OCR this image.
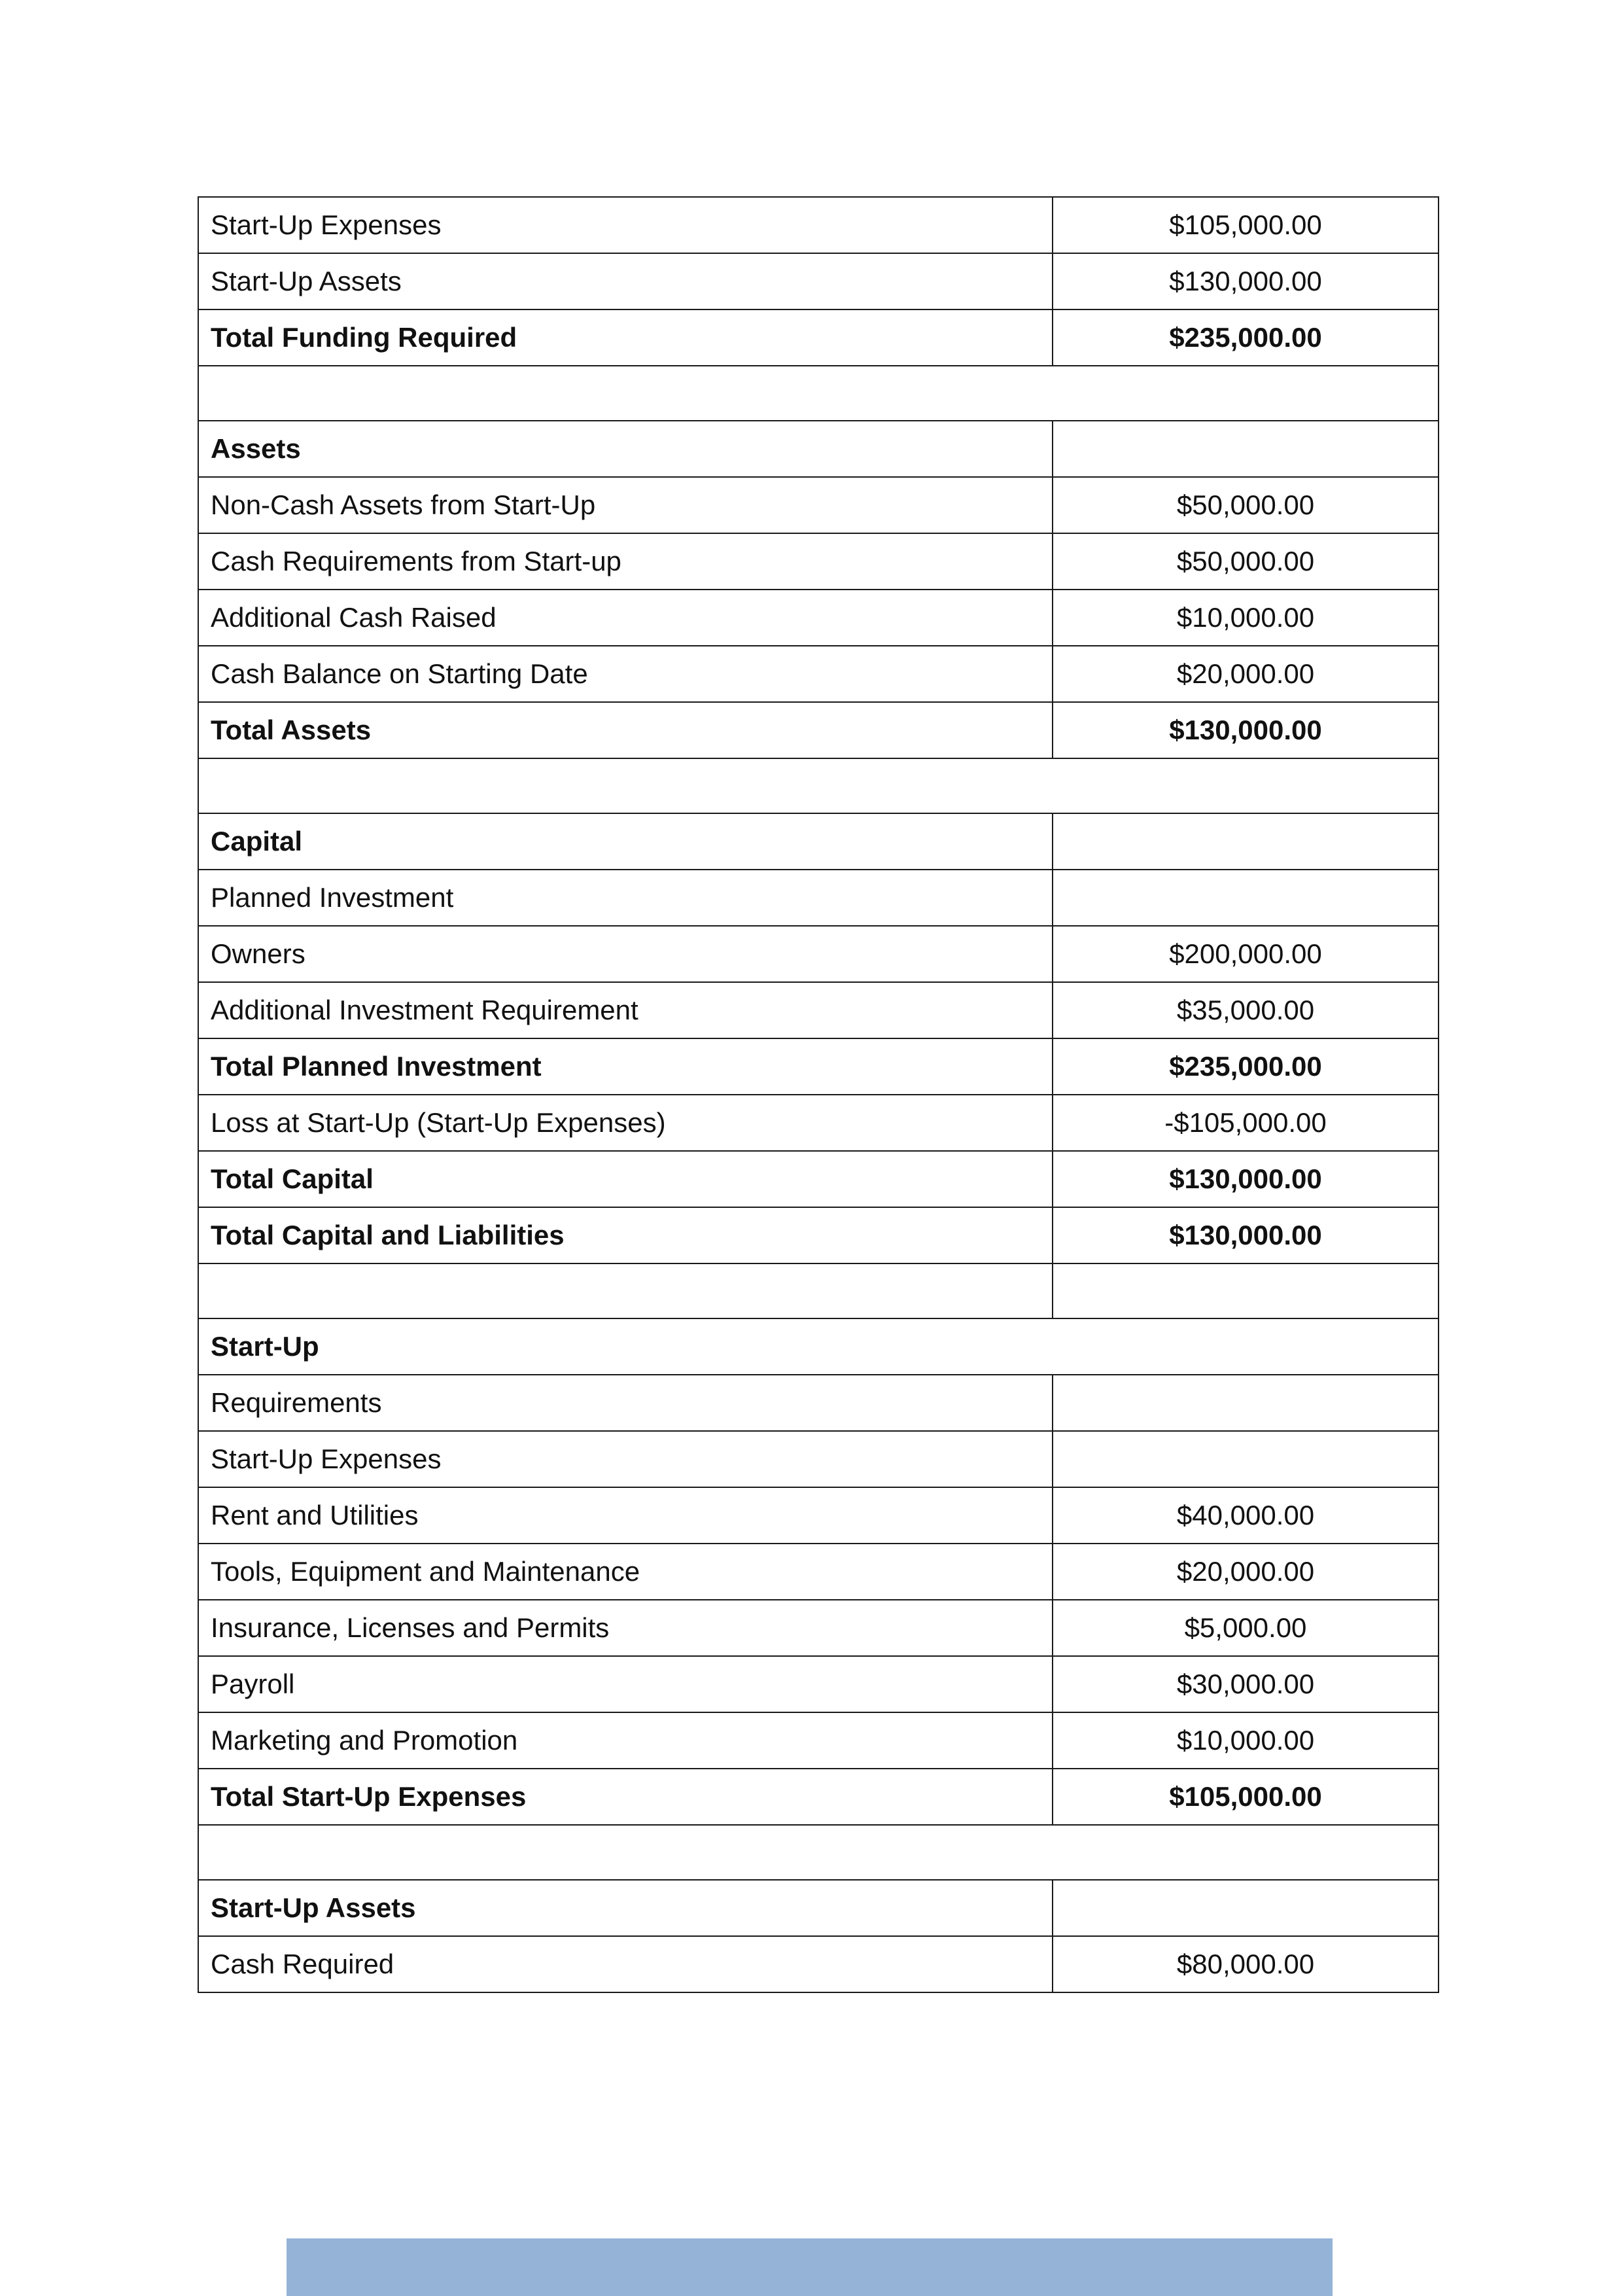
Start-Up Expenses	$105,000.00
Start-Up Assets	$130,000.00
Total Funding Required	$235,000.00

Assets	
Non-Cash Assets from Start-Up	$50,000.00
Cash Requirements from Start-up	$50,000.00
Additional Cash Raised	$10,000.00
Cash Balance on Starting Date	$20,000.00
Total Assets	$130,000.00

Capital	
Planned Investment	
Owners	$200,000.00
Additional Investment Requirement	$35,000.00
Total Planned Investment	$235,000.00
Loss at Start-Up (Start-Up Expenses)	-$105,000.00
Total Capital	$130,000.00
Total Capital and Liabilities	$130,000.00

Start-Up	
Requirements	
Start-Up Expenses	
Rent and Utilities	$40,000.00
Tools, Equipment and Maintenance	$20,000.00
Insurance, Licenses and Permits	$5,000.00
Payroll	$30,000.00
Marketing and Promotion	$10,000.00
Total Start-Up Expenses	$105,000.00

Start-Up Assets	
Cash Required	$80,000.00
